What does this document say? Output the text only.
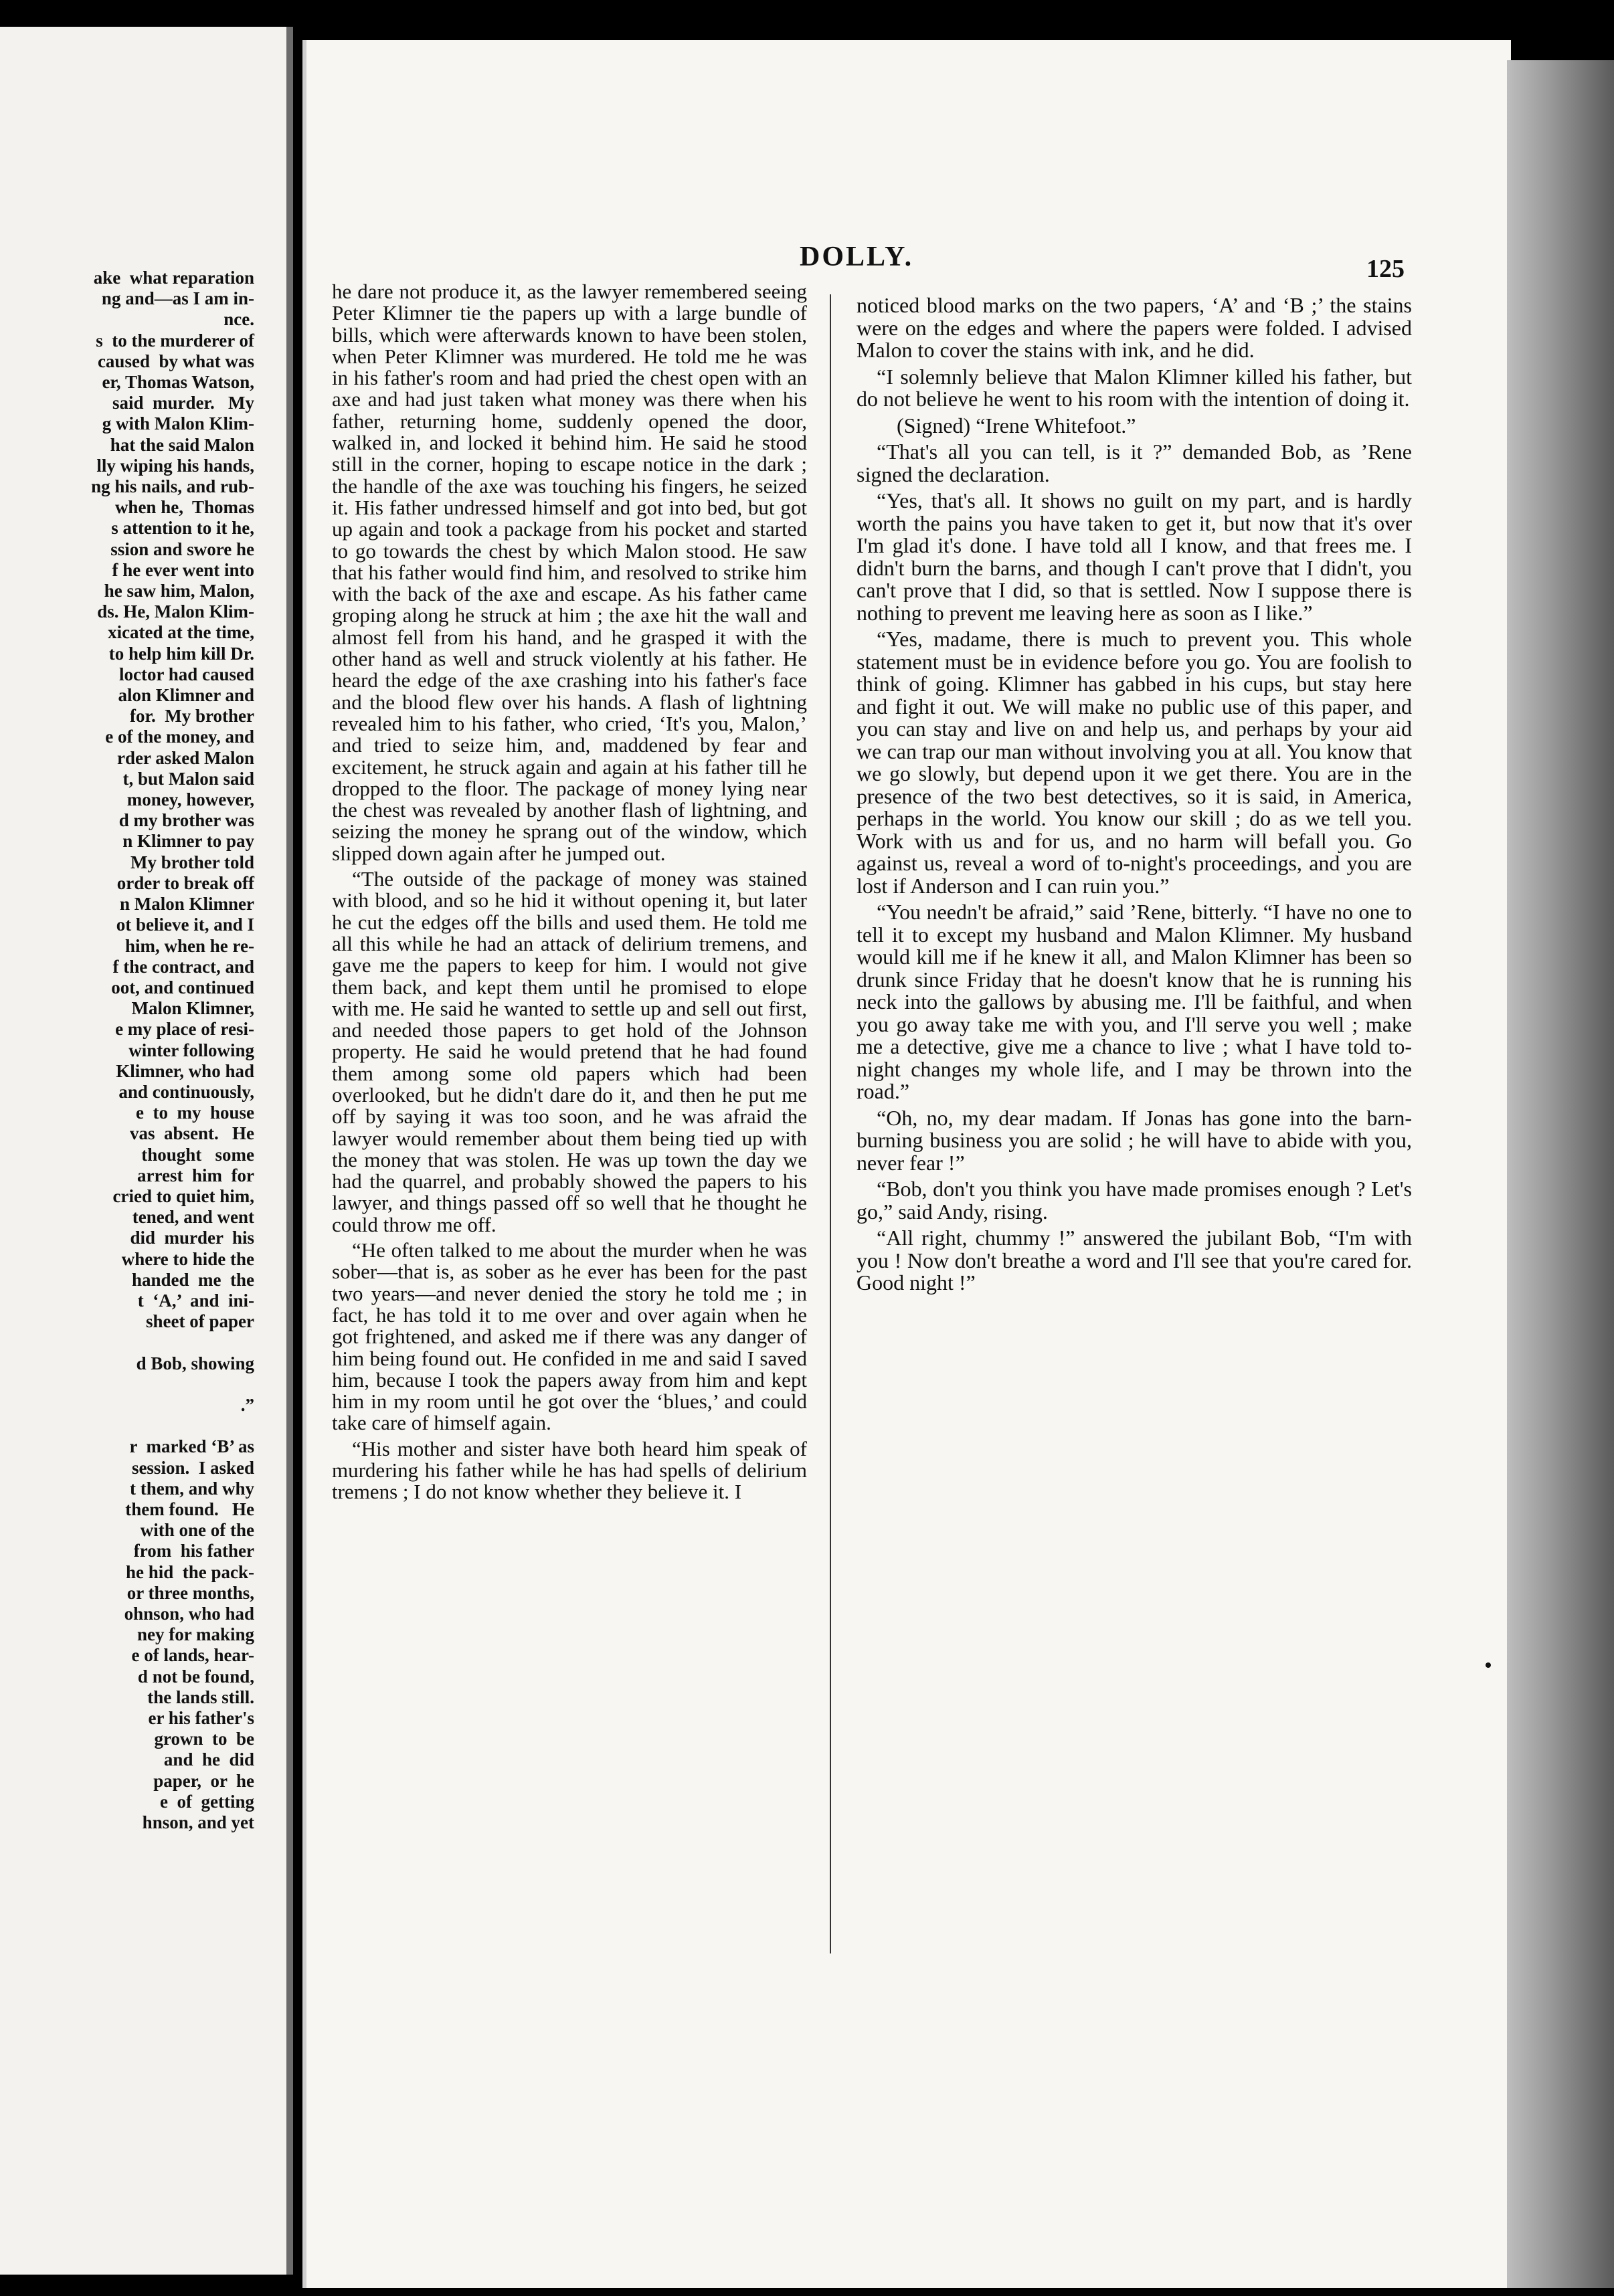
ake  what reparation
ng and—as I am in-
nce.
s  to the murderer of
caused  by what was
er, Thomas Watson,
said  murder.   My
g with Malon Klim-
hat the said Malon
lly wiping his hands,
ng his nails, and rub-
when he,  Thomas
s attention to it he,
ssion and swore he
f he ever went into
he saw him, Malon,
ds. He, Malon Klim-
xicated at the time,
to help him kill Dr.
loctor had caused
alon Klimner and
for.  My brother
e of the money, and
rder asked Malon
t, but Malon said
money, however,
d my brother was
n Klimner to pay
My brother told
order to break off
n Malon Klimner
ot believe it, and I
him, when he re-
f the contract, and
oot, and continued
Malon Klimner,
e my place of resi-
winter following
Klimner, who had
and continuously,
e  to  my  house
vas  absent.   He
thought   some
arrest  him  for
cried to quiet him,
tened, and went
did  murder  his
where to hide the
handed  me  the
t  ‘A,’  and  ini-
sheet of paper

d Bob, showing

.”

r  marked ‘B’ as
session.  I asked
t them, and why
them found.   He
with one of the
from  his father
he hid  the pack-
or three months,
ohnson, who had
ney for making
e of lands, hear-
d not be found,
the lands still.
er his father's
grown  to  be
and  he  did
paper,  or  he
e  of  getting
hnson, and yet
DOLLY.	125

he dare not produce it, as the lawyer remembered seeing Peter Klimner tie the papers up with a large bundle of bills, which were afterwards known to have been stolen, when Peter Klimner was murdered. He told me he was in his father's room and had pried the chest open with an axe and had just taken what money was there when his father, returning home, suddenly opened the door, walked in, and locked it behind him. He said he stood still in the corner, hoping to escape notice in the dark ; the handle of the axe was touching his fingers, he seized it. His father undressed himself and got into bed, but got up again and took a package from his pocket and started to go towards the chest by which Malon stood. He saw that his father would find him, and resolved to strike him with the back of the axe and escape. As his father came groping along he struck at him ; the axe hit the wall and almost fell from his hand, and he grasped it with the other hand as well and struck violently at his father. He heard the edge of the axe crashing into his father's face and the blood flew over his hands. A flash of lightning revealed him to his father, who cried, ‘It's you, Malon,’ and tried to seize him, and, maddened by fear and excitement, he struck again and again at his father till he dropped to the floor. The package of money lying near the chest was revealed by another flash of lightning, and seizing the money he sprang out of the window, which slipped down again after he jumped out.

“The outside of the package of money was stained with blood, and so he hid it without opening it, but later he cut the edges off the bills and used them. He told me all this while he had an attack of delirium tremens, and gave me the papers to keep for him. I would not give them back, and kept them until he promised to elope with me. He said he wanted to settle up and sell out first, and needed those papers to get hold of the Johnson property. He said he would pretend that he had found them among some old papers which had been overlooked, but he didn't dare do it, and then he put me off by saying it was too soon, and he was afraid the lawyer would remember about them being tied up with the money that was stolen. He was up town the day we had the quarrel, and probably showed the papers to his lawyer, and things passed off so well that he thought he could throw me off.

“He often talked to me about the murder when he was sober—that is, as sober as he ever has been for the past two years—and never denied the story he told me ; in fact, he has told it to me over and over again when he got frightened, and asked me if there was any danger of him being found out. He confided in me and said I saved him, because I took the papers away from him and kept him in my room until he got over the ‘blues,’ and could take care of himself again.

“His mother and sister have both heard him speak of murdering his father while he has had spells of delirium tremens ; I do not know whether they believe it. I

noticed blood marks on the two papers, ‘A’ and ‘B ;’ the stains were on the edges and where the papers were folded. I advised Malon to cover the stains with ink, and he did.

“I solemnly believe that Malon Klimner killed his father, but do not believe he went to his room with the intention of doing it.

(Signed) “Irene Whitefoot.”

“That's all you can tell, is it ?” demanded Bob, as ’Rene signed the declaration.

“Yes, that's all. It shows no guilt on my part, and is hardly worth the pains you have taken to get it, but now that it's over I'm glad it's done. I have told all I know, and that frees me. I didn't burn the barns, and though I can't prove that I didn't, you can't prove that I did, so that is settled. Now I suppose there is nothing to prevent me leaving here as soon as I like.”

“Yes, madame, there is much to prevent you. This whole statement must be in evidence before you go. You are foolish to think of going. Klimner has gabbed in his cups, but stay here and fight it out. We will make no public use of this paper, and you can stay and live on and help us, and perhaps by your aid we can trap our man without involving you at all. You know that we go slowly, but depend upon it we get there. You are in the presence of the two best detectives, so it is said, in America, perhaps in the world. You know our skill ; do as we tell you. Work with us and for us, and no harm will befall you. Go against us, reveal a word of to-night's proceedings, and you are lost if Anderson and I can ruin you.”

“You needn't be afraid,” said ’Rene, bitterly. “I have no one to tell it to except my husband and Malon Klimner. My husband would kill me if he knew it all, and Malon Klimner has been so drunk since Friday that he doesn't know that he is running his neck into the gallows by abusing me. I'll be faithful, and when you go away take me with you, and I'll serve you well ; make me a detective, give me a chance to live ; what I have told to-night changes my whole life, and I may be thrown into the road.”

“Oh, no, my dear madam. If Jonas has gone into the barn-burning business you are solid ; he will have to abide with you, never fear !”

“Bob, don't you think you have made promises enough ? Let's go,” said Andy, rising.

“All right, chummy !” answered the jubilant Bob, “I'm with you ! Now don't breathe a word and I'll see that you're cared for. Good night !”
